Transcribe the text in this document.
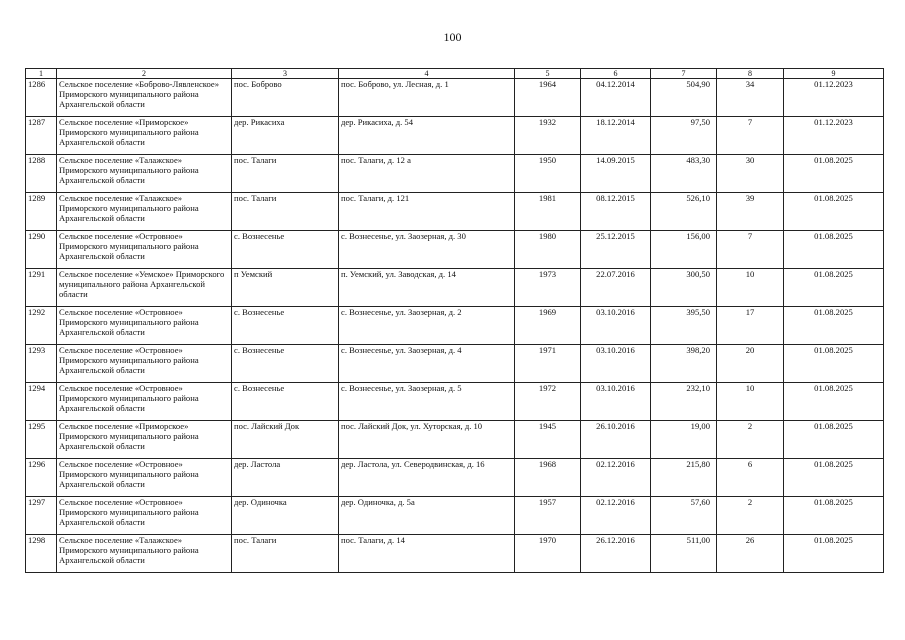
100
1	2	3	4	5	6	7	8	9
1286	Сельское поселение «Боброво-Лявленское» Приморского муниципального района Архангельской области	пос. Боброво	пос. Боброво, ул. Лесная, д. 1	1964	04.12.2014	504,90	34	01.12.2023
1287	Сельское поселение «Приморское» Приморского муниципального района Архангельской области	дер. Рикасиха	дер. Рикасиха, д. 54	1932	18.12.2014	97,50	7	01.12.2023
1288	Сельское поселение «Талажское» Приморского муниципального района Архангельской области	пос. Талаги	пос. Талаги, д. 12 а	1950	14.09.2015	483,30	30	01.08.2025
1289	Сельское поселение «Талажское» Приморского муниципального района Архангельской области	пос. Талаги	пос. Талаги, д. 121	1981	08.12.2015	526,10	39	01.08.2025
1290	Сельское поселение «Островное» Приморского муниципального района Архангельской области	с. Вознесенье	с. Вознесенье, ул. Заозерная, д. 30	1980	25.12.2015	156,00	7	01.08.2025
1291	Сельское поселение «Уемское» Приморского муниципального района Архангельской области	п Уемский	п. Уемский, ул. Заводская, д. 14	1973	22.07.2016	300,50	10	01.08.2025
1292	Сельское поселение «Островное» Приморского муниципального района Архангельской области	с. Вознесенье	с. Вознесенье, ул. Заозерная, д. 2	1969	03.10.2016	395,50	17	01.08.2025
1293	Сельское поселение «Островное» Приморского муниципального района Архангельской области	с. Вознесенье	с. Вознесенье, ул. Заозерная, д. 4	1971	03.10.2016	398,20	20	01.08.2025
1294	Сельское поселение «Островное» Приморского муниципального района Архангельской области	с. Вознесенье	с. Вознесенье, ул. Заозерная, д. 5	1972	03.10.2016	232,10	10	01.08.2025
1295	Сельское поселение «Приморское» Приморского муниципального района Архангельской области	пос. Лайский Док	пос. Лайский Док, ул. Хуторская, д. 10	1945	26.10.2016	19,00	2	01.08.2025
1296	Сельское поселение «Островное» Приморского муниципального района Архангельской области	дер. Ластола	дер. Ластола, ул. Северодвинская, д. 16	1968	02.12.2016	215,80	6	01.08.2025
1297	Сельское поселение «Островное» Приморского муниципального района Архангельской области	дер. Одиночка	дер. Одиночка, д. 5а	1957	02.12.2016	57,60	2	01.08.2025
1298	Сельское поселение «Талажское» Приморского муниципального района Архангельской области	пос. Талаги	пос. Талаги, д. 14	1970	26.12.2016	511,00	26	01.08.2025
